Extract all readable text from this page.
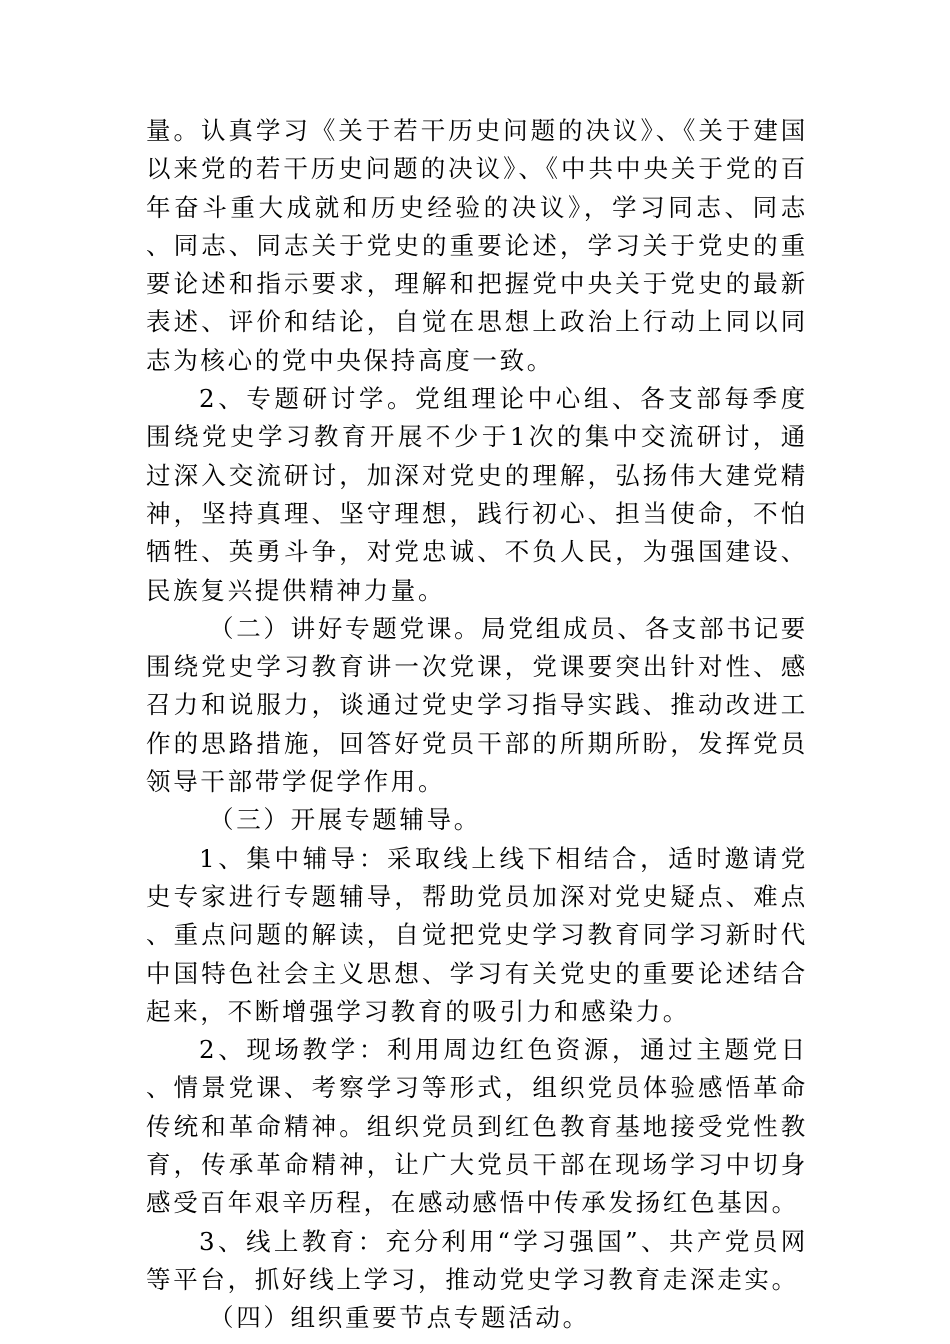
量。认真学习《关于若干历史问题的决议》、《关于建国以来党的若干历史问题的决议》、《中共中央关于党的百年奋斗重大成就和历史经验的决议》，学习同志、同志、同志、同志关于党史的重要论述，学习关于党史的重要论述和指示要求，理解和把握党中央关于党史的最新表述、评价和结论，自觉在思想上政治上行动上同以同志为核心的党中央保持高度一致。

2、专题研讨学。党组理论中心组、各支部每季度围绕党史学习教育开展不少于1次的集中交流研讨，通过深入交流研讨，加深对党史的理解，弘扬伟大建党精神，坚持真理、坚守理想，践行初心、担当使命，不怕牺牲、英勇斗争，对党忠诚、不负人民，为强国建设、民族复兴提供精神力量。

（二）讲好专题党课。局党组成员、各支部书记要围绕党史学习教育讲一次党课，党课要突出针对性、感召力和说服力，谈通过党史学习指导实践、推动改进工作的思路措施，回答好党员干部的所期所盼，发挥党员领导干部带学促学作用。

（三）开展专题辅导。

1、集中辅导：采取线上线下相结合，适时邀请党史专家进行专题辅导，帮助党员加深对党史疑点、难点、重点问题的解读，自觉把党史学习教育同学习新时代中国特色社会主义思想、学习有关党史的重要论述结合起来，不断增强学习教育的吸引力和感染力。

2、现场教学：利用周边红色资源，通过主题党日、情景党课、考察学习等形式，组织党员体验感悟革命传统和革命精神。组织党员到红色教育基地接受党性教育，传承革命精神，让广大党员干部在现场学习中切身感受百年艰辛历程，在感动感悟中传承发扬红色基因。

3、线上教育：充分利用“学习强国”、共产党员网等平台，抓好线上学习，推动党史学习教育走深走实。

（四）组织重要节点专题活动。
